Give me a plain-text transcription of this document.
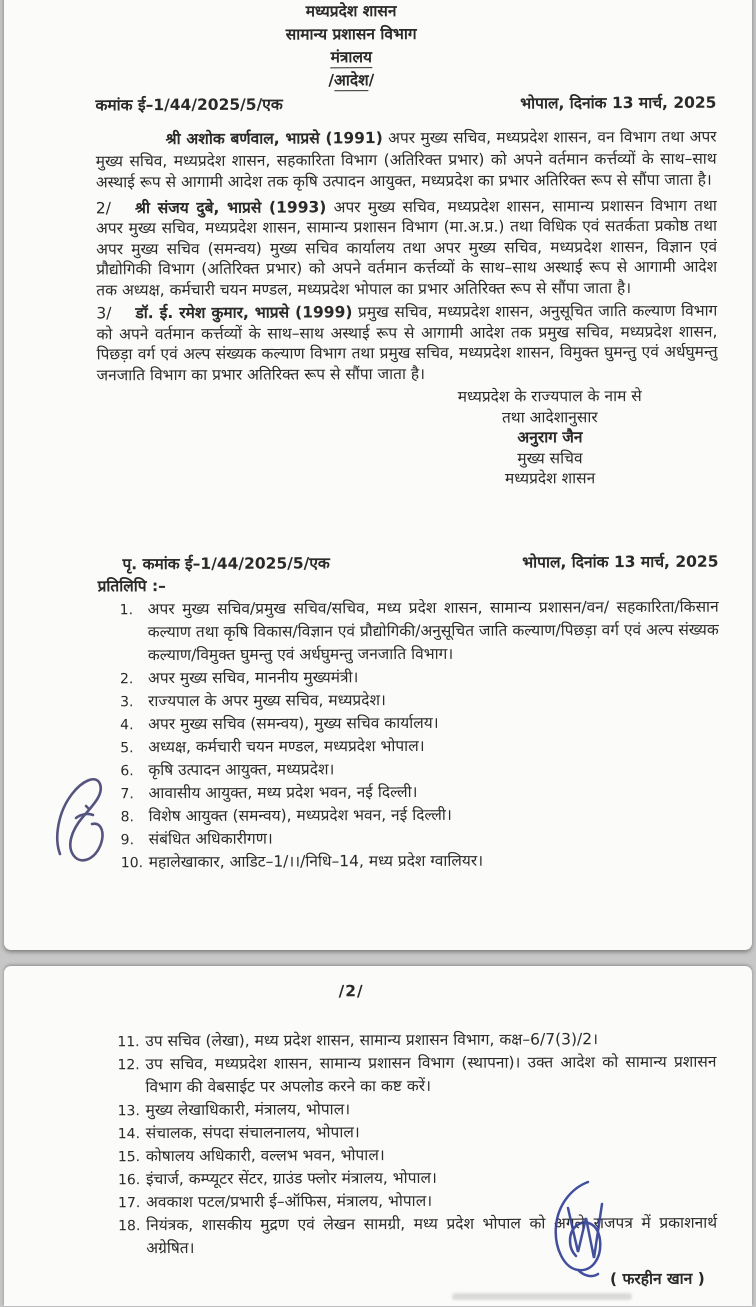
मध्यप्रदेश शासन
सामान्य प्रशासन विभाग
मंत्रालय
/आदेश/
कमांक ई–1/44/2025/5/एक	भोपाल, दिनांक 13 मार्च, 2025
श्री अशोक बर्णवाल, भाप्रसे (1991) अपर मुख्य सचिव, मध्यप्रदेश शासन, वन विभाग तथा अपर मुख्य सचिव, मध्यप्रदेश शासन, सहकारिता विभाग (अतिरिक्त प्रभार) को अपने वर्तमान कर्त्तव्यों के साथ–साथ अस्थाई रूप से आगामी आदेश तक कृषि उत्पादन आयुक्त, मध्यप्रदेश का प्रभार अतिरिक्त रूप से सौंपा जाता है।
2/ श्री संजय दुबे, भाप्रसे (1993) अपर मुख्य सचिव, मध्यप्रदेश शासन, सामान्य प्रशासन विभाग तथा अपर मुख्य सचिव, मध्यप्रदेश शासन, सामान्य प्रशासन विभाग (मा.अ.प्र.) तथा विधिक एवं सतर्कता प्रकोष्ठ तथा अपर मुख्य सचिव (समन्वय) मुख्य सचिव कार्यालय तथा अपर मुख्य सचिव, मध्यप्रदेश शासन, विज्ञान एवं प्रौद्योगिकी विभाग (अतिरिक्त प्रभार) को अपने वर्तमान कर्त्तव्यों के साथ–साथ अस्थाई रूप से आगामी आदेश तक अध्यक्ष, कर्मचारी चयन मण्डल, मध्यप्रदेश भोपाल का प्रभार अतिरिक्त रूप से सौंपा जाता है।
3/ डॉ. ई. रमेश कुमार, भाप्रसे (1999) प्रमुख सचिव, मध्यप्रदेश शासन, अनुसूचित जाति कल्याण विभाग को अपने वर्तमान कर्त्तव्यों के साथ–साथ अस्थाई रूप से आगामी आदेश तक प्रमुख सचिव, मध्यप्रदेश शासन, पिछड़ा वर्ग एवं अल्प संख्यक कल्याण विभाग तथा प्रमुख सचिव, मध्यप्रदेश शासन, विमुक्त घुमन्तु एवं अर्धघुमन्तु जनजाति विभाग का प्रभार अतिरिक्त रूप से सौंपा जाता है।
मध्यप्रदेश के राज्यपाल के नाम से
तथा आदेशानुसार
अनुराग जैन
मुख्य सचिव
मध्यप्रदेश शासन
पृ. कमांक ई–1/44/2025/5/एक	भोपाल, दिनांक 13 मार्च, 2025
प्रतिलिपि :–
1. अपर मुख्य सचिव/प्रमुख सचिव/सचिव, मध्य प्रदेश शासन, सामान्य प्रशासन/वन/ सहकारिता/किसान कल्याण तथा कृषि विकास/विज्ञान एवं प्रौद्योगिकी/अनुसूचित जाति कल्याण/पिछड़ा वर्ग एवं अल्प संख्यक कल्याण/विमुक्त घुमन्तु एवं अर्धघुमन्तु जनजाति विभाग।
2. अपर मुख्य सचिव, माननीय मुख्यमंत्री।
3. राज्यपाल के अपर मुख्य सचिव, मध्यप्रदेश।
4. अपर मुख्य सचिव (समन्वय), मुख्य सचिव कार्यालय।
5. अध्यक्ष, कर्मचारी चयन मण्डल, मध्यप्रदेश भोपाल।
6. कृषि उत्पादन आयुक्त, मध्यप्रदेश।
7. आवासीय आयुक्त, मध्य प्रदेश भवन, नई दिल्ली।
8. विशेष आयुक्त (समन्वय), मध्यप्रदेश भवन, नई दिल्ली।
9. संबंधित अधिकारीगण।
10. महालेखाकार, आडिट–1/।।/निधि–14, मध्य प्रदेश ग्वालियर।
/2/
11. उप सचिव (लेखा), मध्य प्रदेश शासन, सामान्य प्रशासन विभाग, कक्ष–6/7(3)/2।
12. उप सचिव, मध्यप्रदेश शासन, सामान्य प्रशासन विभाग (स्थापना)। उक्त आदेश को सामान्य प्रशासन विभाग की वेबसाईट पर अपलोड करने का कष्ट करें।
13. मुख्य लेखाधिकारी, मंत्रालय, भोपाल।
14. संचालक, संपदा संचालनालय, भोपाल।
15. कोषालय अधिकारी, वल्लभ भवन, भोपाल।
16. इंचार्ज, कम्प्यूटर सेंटर, ग्राउंड फ्लोर मंत्रालय, भोपाल।
17. अवकाश पटल/प्रभारी ई–ऑफिस, मंत्रालय, भोपाल।
18. नियंत्रक, शासकीय मुद्रण एवं लेखन सामग्री, मध्य प्रदेश भोपाल को अगले राजपत्र में प्रकाशनार्थ अग्रेषित।
( फरहीन खान )
